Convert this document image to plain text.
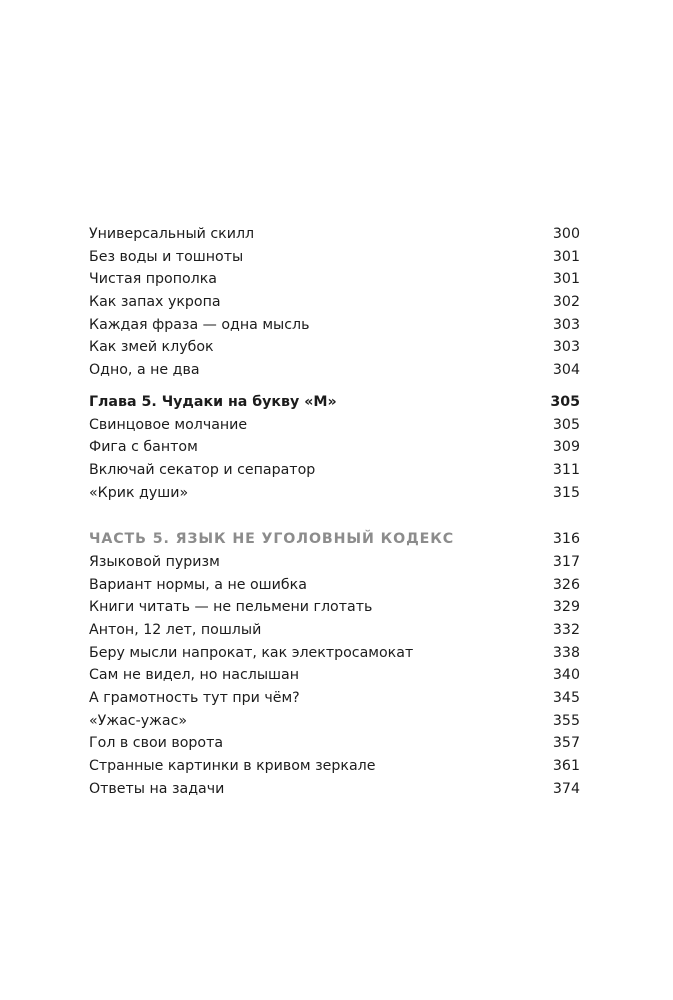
Универсальный скилл	300
Без воды и тошноты	301
Чистая прополка	301
Как запах укропа	302
Каждая фраза — одна мысль	303
Как змей клубок	303
Одно, а не два	304
Глава 5. Чудаки на букву «М»	305
Свинцовое молчание	305
Фига с бантом	309
Включай секатор и сепаратор	311
«Крик души»	315
ЧАСТЬ 5. ЯЗЫК НЕ УГОЛОВНЫЙ КОДЕКС	316
Языковой пуризм	317
Вариант нормы, а не ошибка	326
Книги читать — не пельмени глотать	329
Антон, 12 лет, пошлый	332
Беру мысли напрокат, как электросамокат	338
Сам не видел, но наслышан	340
А грамотность тут при чём?	345
«Ужас-ужас»	355
Гол в свои ворота	357
Странные картинки в кривом зеркале	361
Ответы на задачи	374
